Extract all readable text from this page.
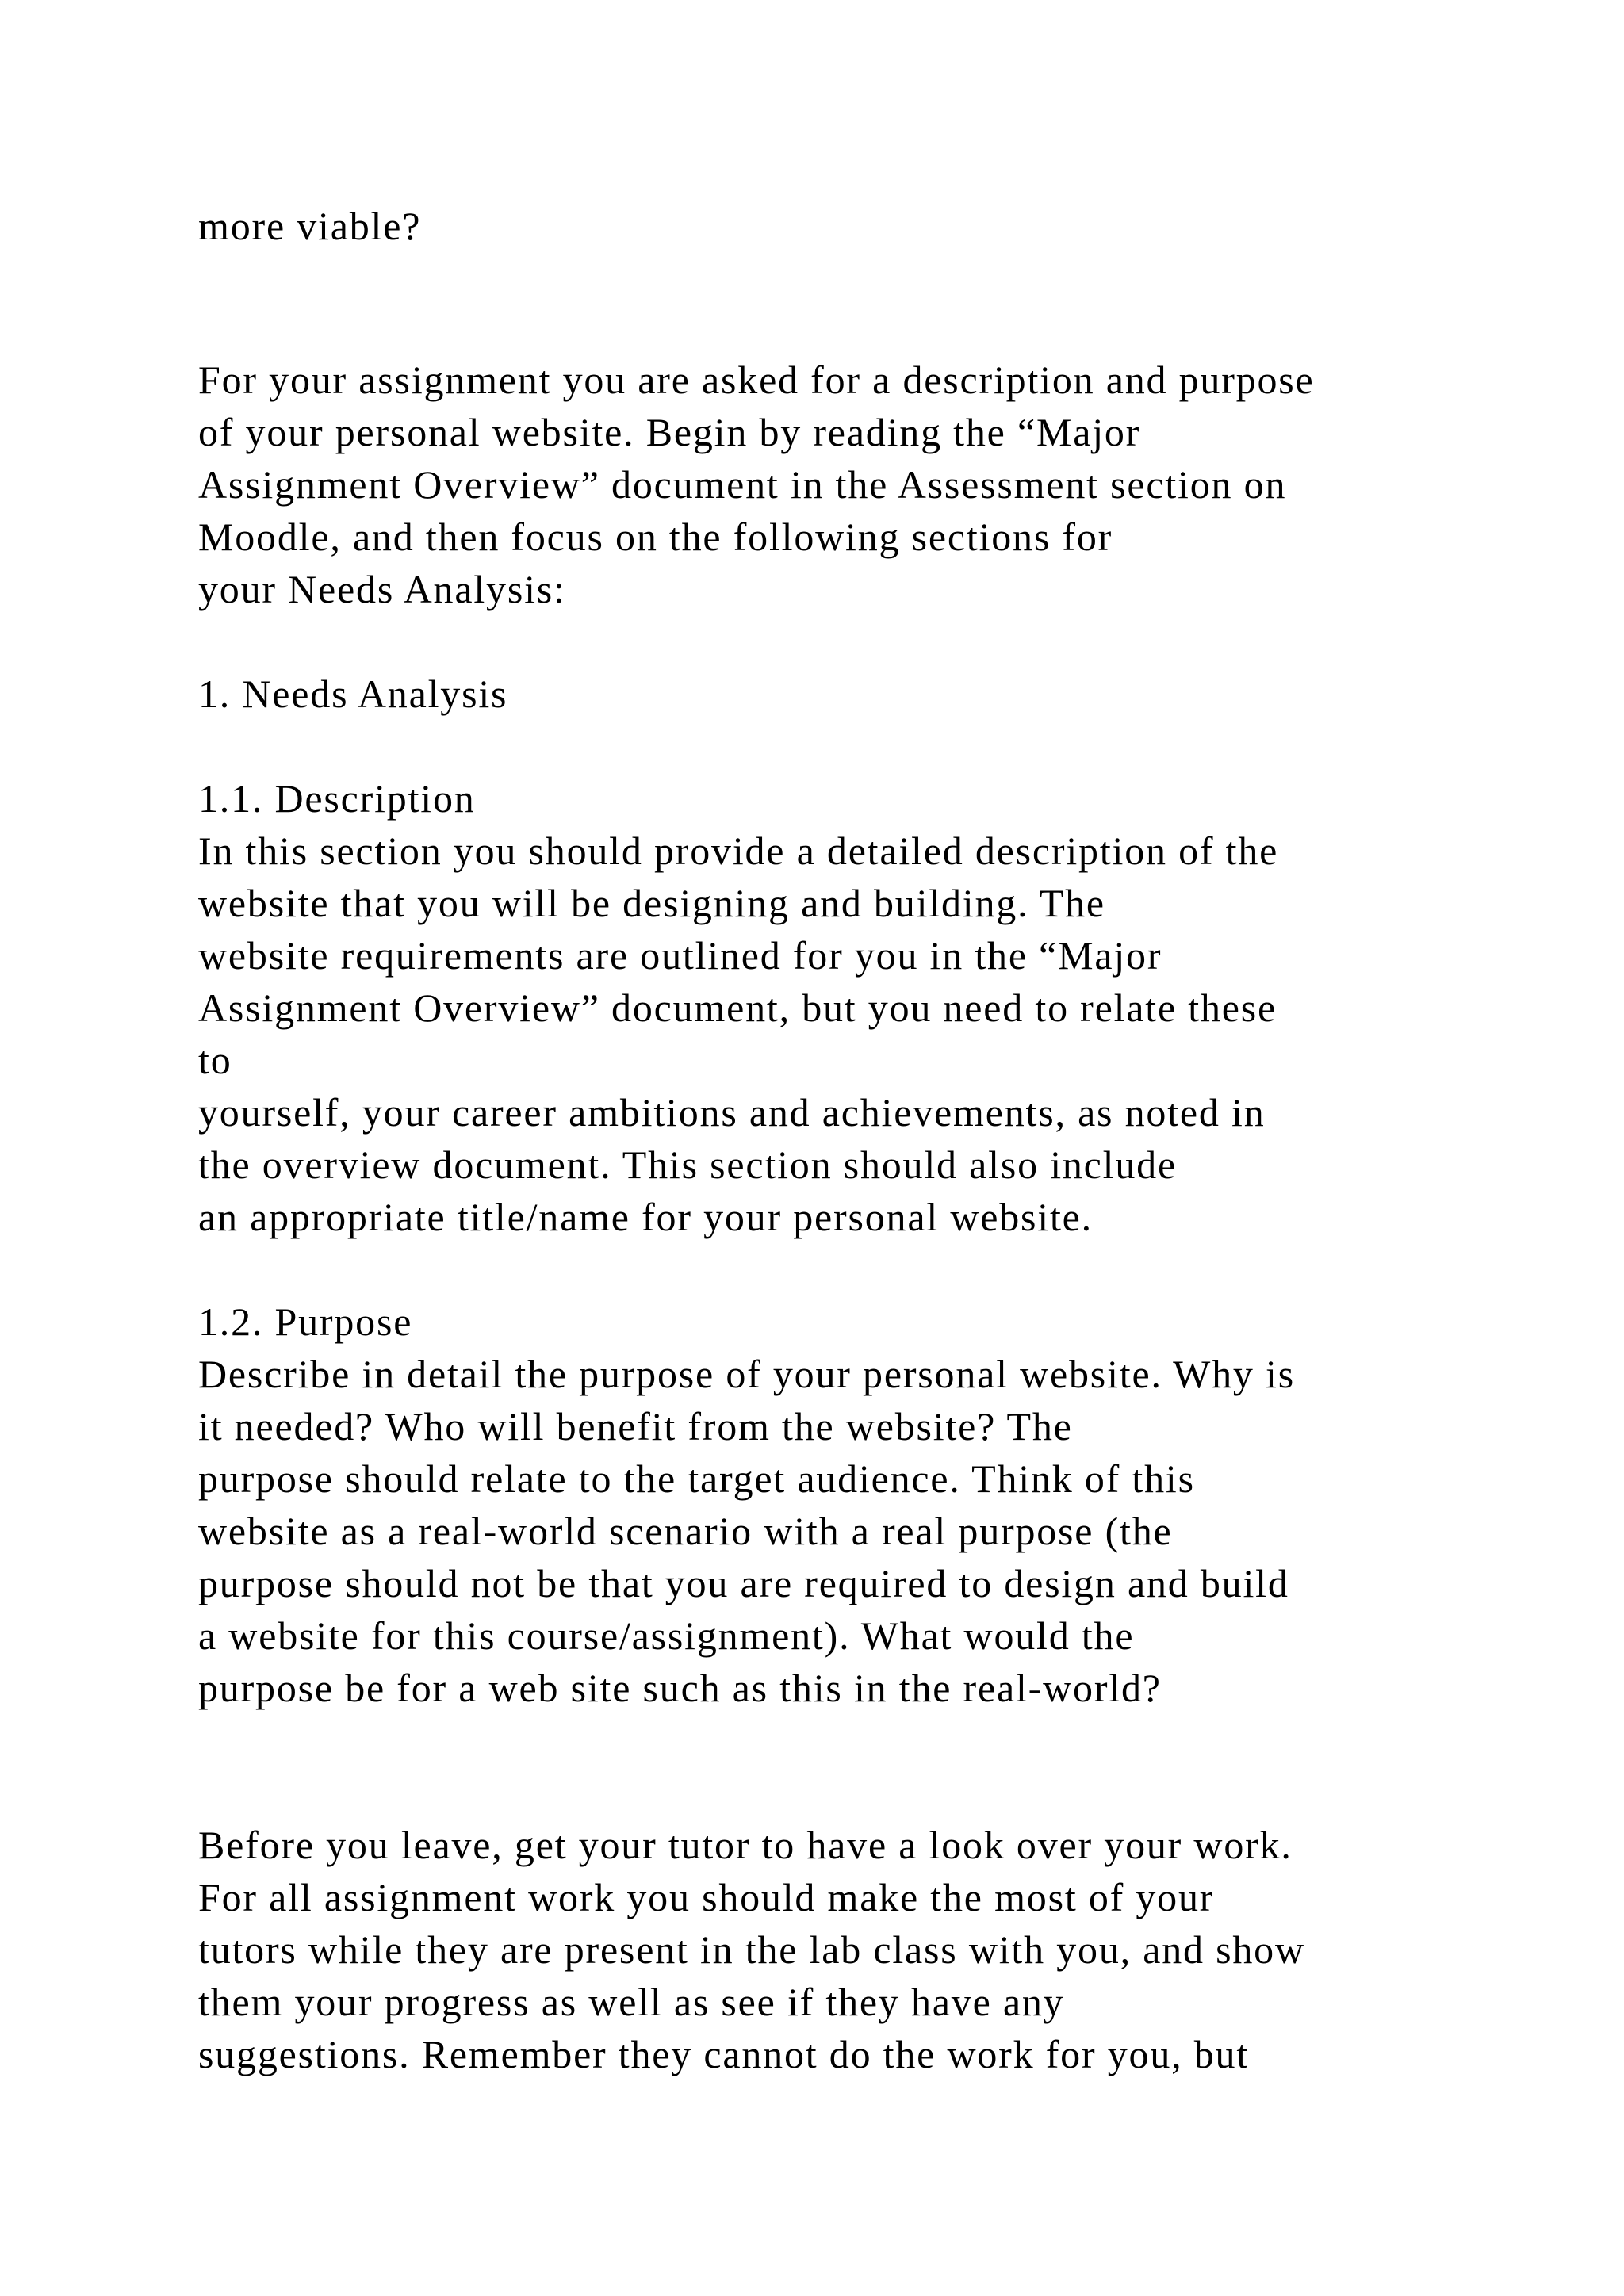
more viable?
For your assignment you are asked for a description and purpose
of your personal website. Begin by reading the “Major
Assignment Overview” document in the Assessment section on
Moodle, and then focus on the following sections for
your Needs Analysis:
1. Needs Analysis
1.1. Description
In this section you should provide a detailed description of the
website that you will be designing and building. The
website requirements are outlined for you in the “Major
Assignment Overview” document, but you need to relate these
to
yourself, your career ambitions and achievements, as noted in
the overview document. This section should also include
an appropriate title/name for your personal website.
1.2. Purpose
Describe in detail the purpose of your personal website. Why is
it needed? Who will benefit from the website? The
purpose should relate to the target audience. Think of this
website as a real-world scenario with a real purpose (the
purpose should not be that you are required to design and build
a website for this course/assignment). What would the
purpose be for a web site such as this in the real-world?
Before you leave, get your tutor to have a look over your work.
For all assignment work you should make the most of your
tutors while they are present in the lab class with you, and show
them your progress as well as see if they have any
suggestions. Remember they cannot do the work for you, but
